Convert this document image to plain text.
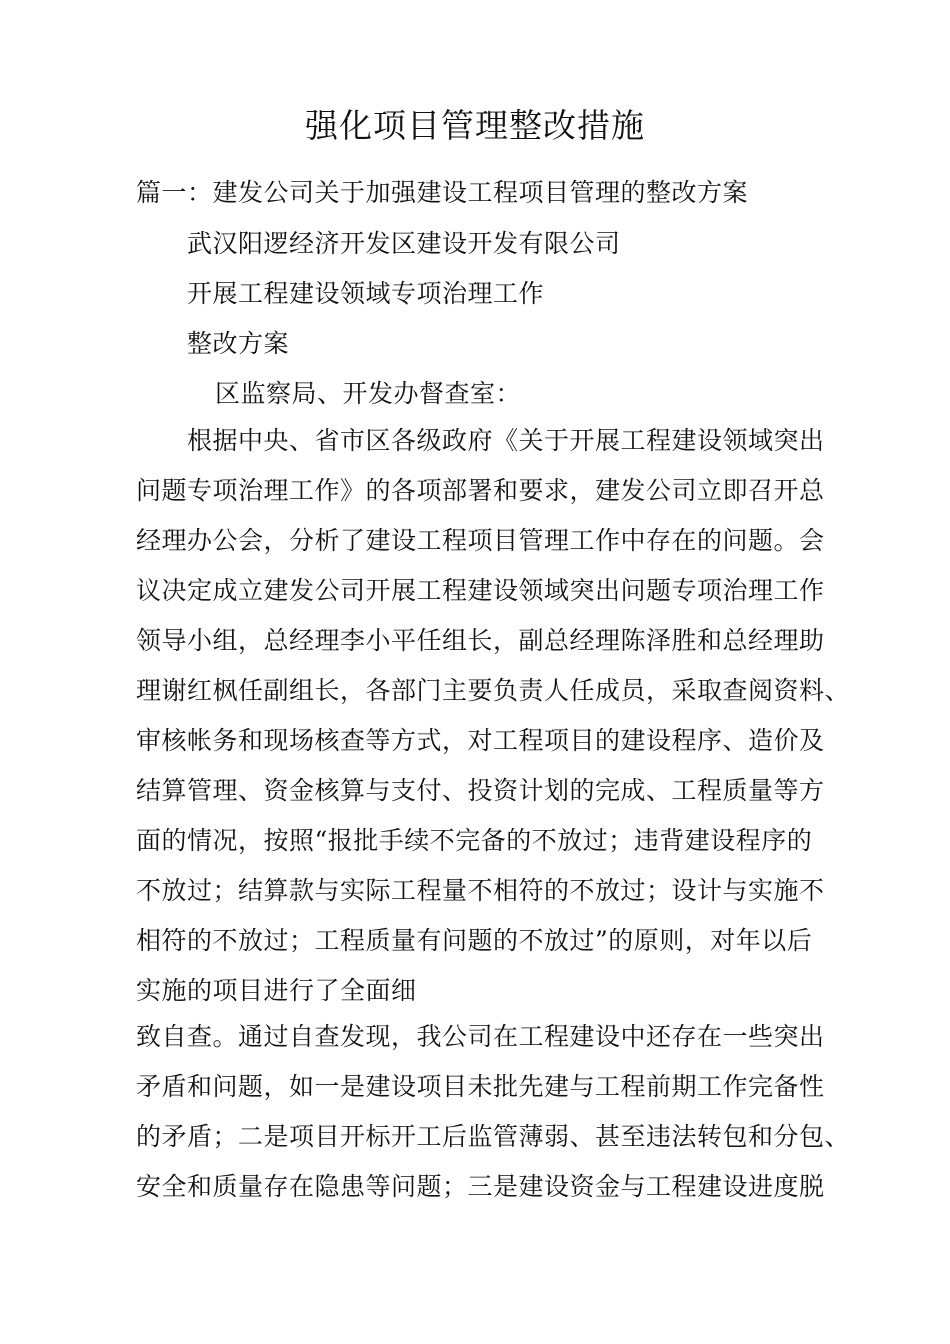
强化项目管理整改措施
篇一：建发公司关于加强建设工程项目管理的整改方案
武汉阳逻经济开发区建设开发有限公司
开展工程建设领域专项治理工作
整改方案
区监察局、开发办督查室：
根据中央、省市区各级政府《关于开展工程建设领域突出
问题专项治理工作》的各项部署和要求，建发公司立即召开总
经理办公会，分析了建设工程项目管理工作中存在的问题。会
议决定成立建发公司开展工程建设领域突出问题专项治理工作
领导小组，总经理李小平任组长，副总经理陈泽胜和总经理助
理谢红枫任副组长，各部门主要负责人任成员，采取查阅资料、
审核帐务和现场核查等方式，对工程项目的建设程序、造价及
结算管理、资金核算与支付、投资计划的完成、工程质量等方
面的情况，按照“报批手续不完备的不放过；违背建设程序的
不放过；结算款与实际工程量不相符的不放过；设计与实施不
相符的不放过；工程质量有问题的不放过”的原则，对年以后
实施的项目进行了全面细
致自查。通过自查发现，我公司在工程建设中还存在一些突出
矛盾和问题，如一是建设项目未批先建与工程前期工作完备性
的矛盾；二是项目开标开工后监管薄弱、甚至违法转包和分包、
安全和质量存在隐患等问题；三是建设资金与工程建设进度脱
